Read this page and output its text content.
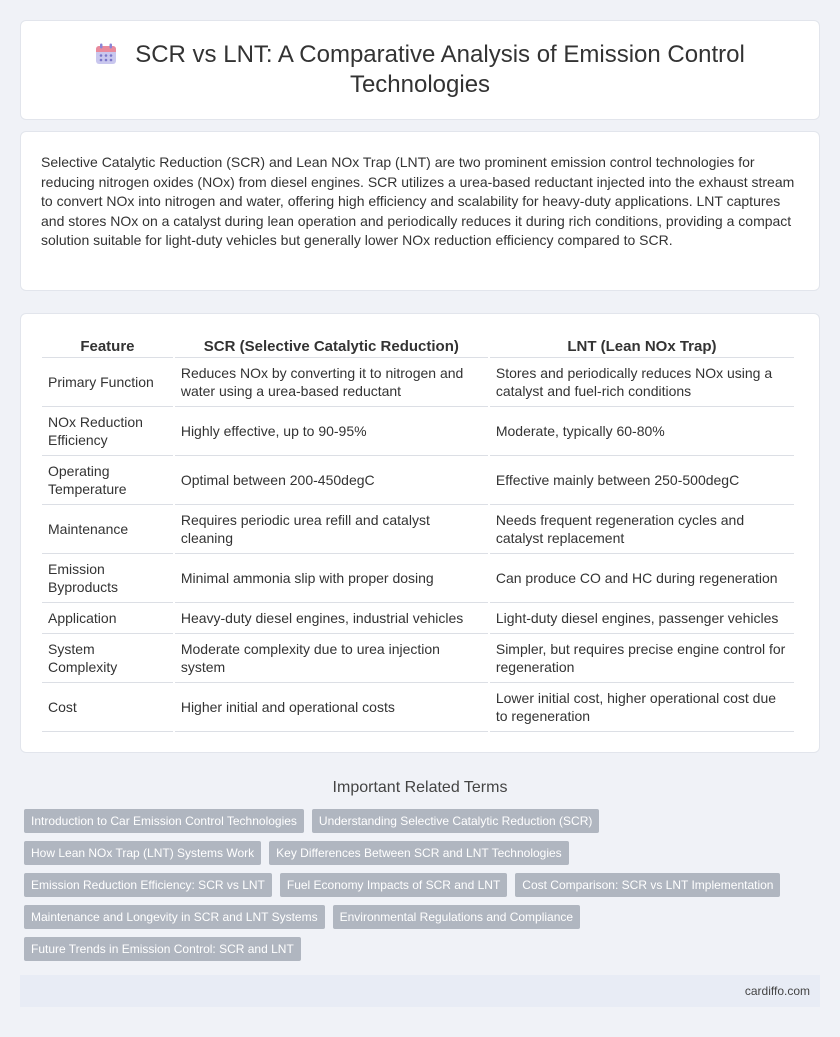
SCR vs LNT: A Comparative Analysis of Emission Control Technologies

Selective Catalytic Reduction (SCR) and Lean NOx Trap (LNT) are two prominent emission control technologies for reducing nitrogen oxides (NOx) from diesel engines. SCR utilizes a urea-based reductant injected into the exhaust stream to convert NOx into nitrogen and water, offering high efficiency and scalability for heavy-duty applications. LNT captures and stores NOx on a catalyst during lean operation and periodically reduces it during rich conditions, providing a compact solution suitable for light-duty vehicles but generally lower NOx reduction efficiency compared to SCR.

Feature	SCR (Selective Catalytic Reduction)	LNT (Lean NOx Trap)
Primary Function	Reduces NOx by converting it to nitrogen and water using a urea-based reductant	Stores and periodically reduces NOx using a catalyst and fuel-rich conditions
NOx Reduction Efficiency	Highly effective, up to 90-95%	Moderate, typically 60-80%
Operating Temperature	Optimal between 200-450degC	Effective mainly between 250-500degC
Maintenance	Requires periodic urea refill and catalyst cleaning	Needs frequent regeneration cycles and catalyst replacement
Emission Byproducts	Minimal ammonia slip with proper dosing	Can produce CO and HC during regeneration
Application	Heavy-duty diesel engines, industrial vehicles	Light-duty diesel engines, passenger vehicles
System Complexity	Moderate complexity due to urea injection system	Simpler, but requires precise engine control for regeneration
Cost	Higher initial and operational costs	Lower initial cost, higher operational cost due to regeneration
Important Related Terms
Introduction to Car Emission Control Technologies	Understanding Selective Catalytic Reduction (SCR)
How Lean NOx Trap (LNT) Systems Work	Key Differences Between SCR and LNT Technologies
Emission Reduction Efficiency: SCR vs LNT	Fuel Economy Impacts of SCR and LNT	Cost Comparison: SCR vs LNT Implementation
Maintenance and Longevity in SCR and LNT Systems	Environmental Regulations and Compliance
Future Trends in Emission Control: SCR and LNT
cardiffo.com
